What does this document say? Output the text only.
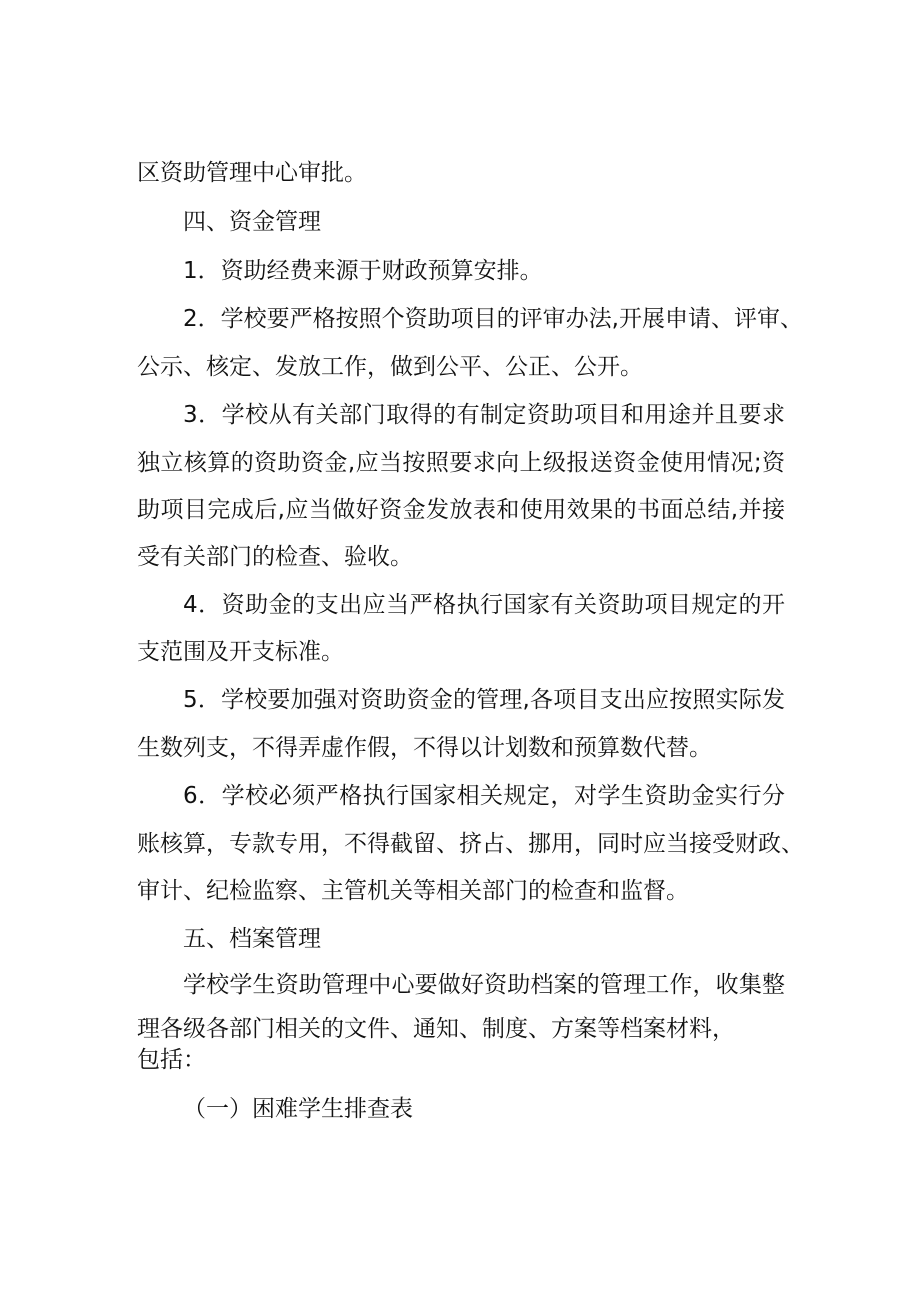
区资助管理中心审批。

四、资金管理

1．资助经费来源于财政预算安排。

2．学校要严格按照个资助项目的评审办法,开展申请、评审、

公示、核定、发放工作，做到公平、公正、公开。

3．学校从有关部门取得的有制定资助项目和用途并且要求

独立核算的资助资金,应当按照要求向上级报送资金使用情况;资

助项目完成后,应当做好资金发放表和使用效果的书面总结,并接

受有关部门的检查、验收。

4．资助金的支出应当严格执行国家有关资助项目规定的开

支范围及开支标准。

5．学校要加强对资助资金的管理,各项目支出应按照实际发

生数列支，不得弄虚作假，不得以计划数和预算数代替。

6．学校必须严格执行国家相关规定，对学生资助金实行分

账核算，专款专用，不得截留、挤占、挪用，同时应当接受财政、

审计、纪检监察、主管机关等相关部门的检查和监督。

五、档案管理

学校学生资助管理中心要做好资助档案的管理工作，收集整

理各级各部门相关的文件、通知、制度、方案等档案材料，

包括：

（一）困难学生排查表
